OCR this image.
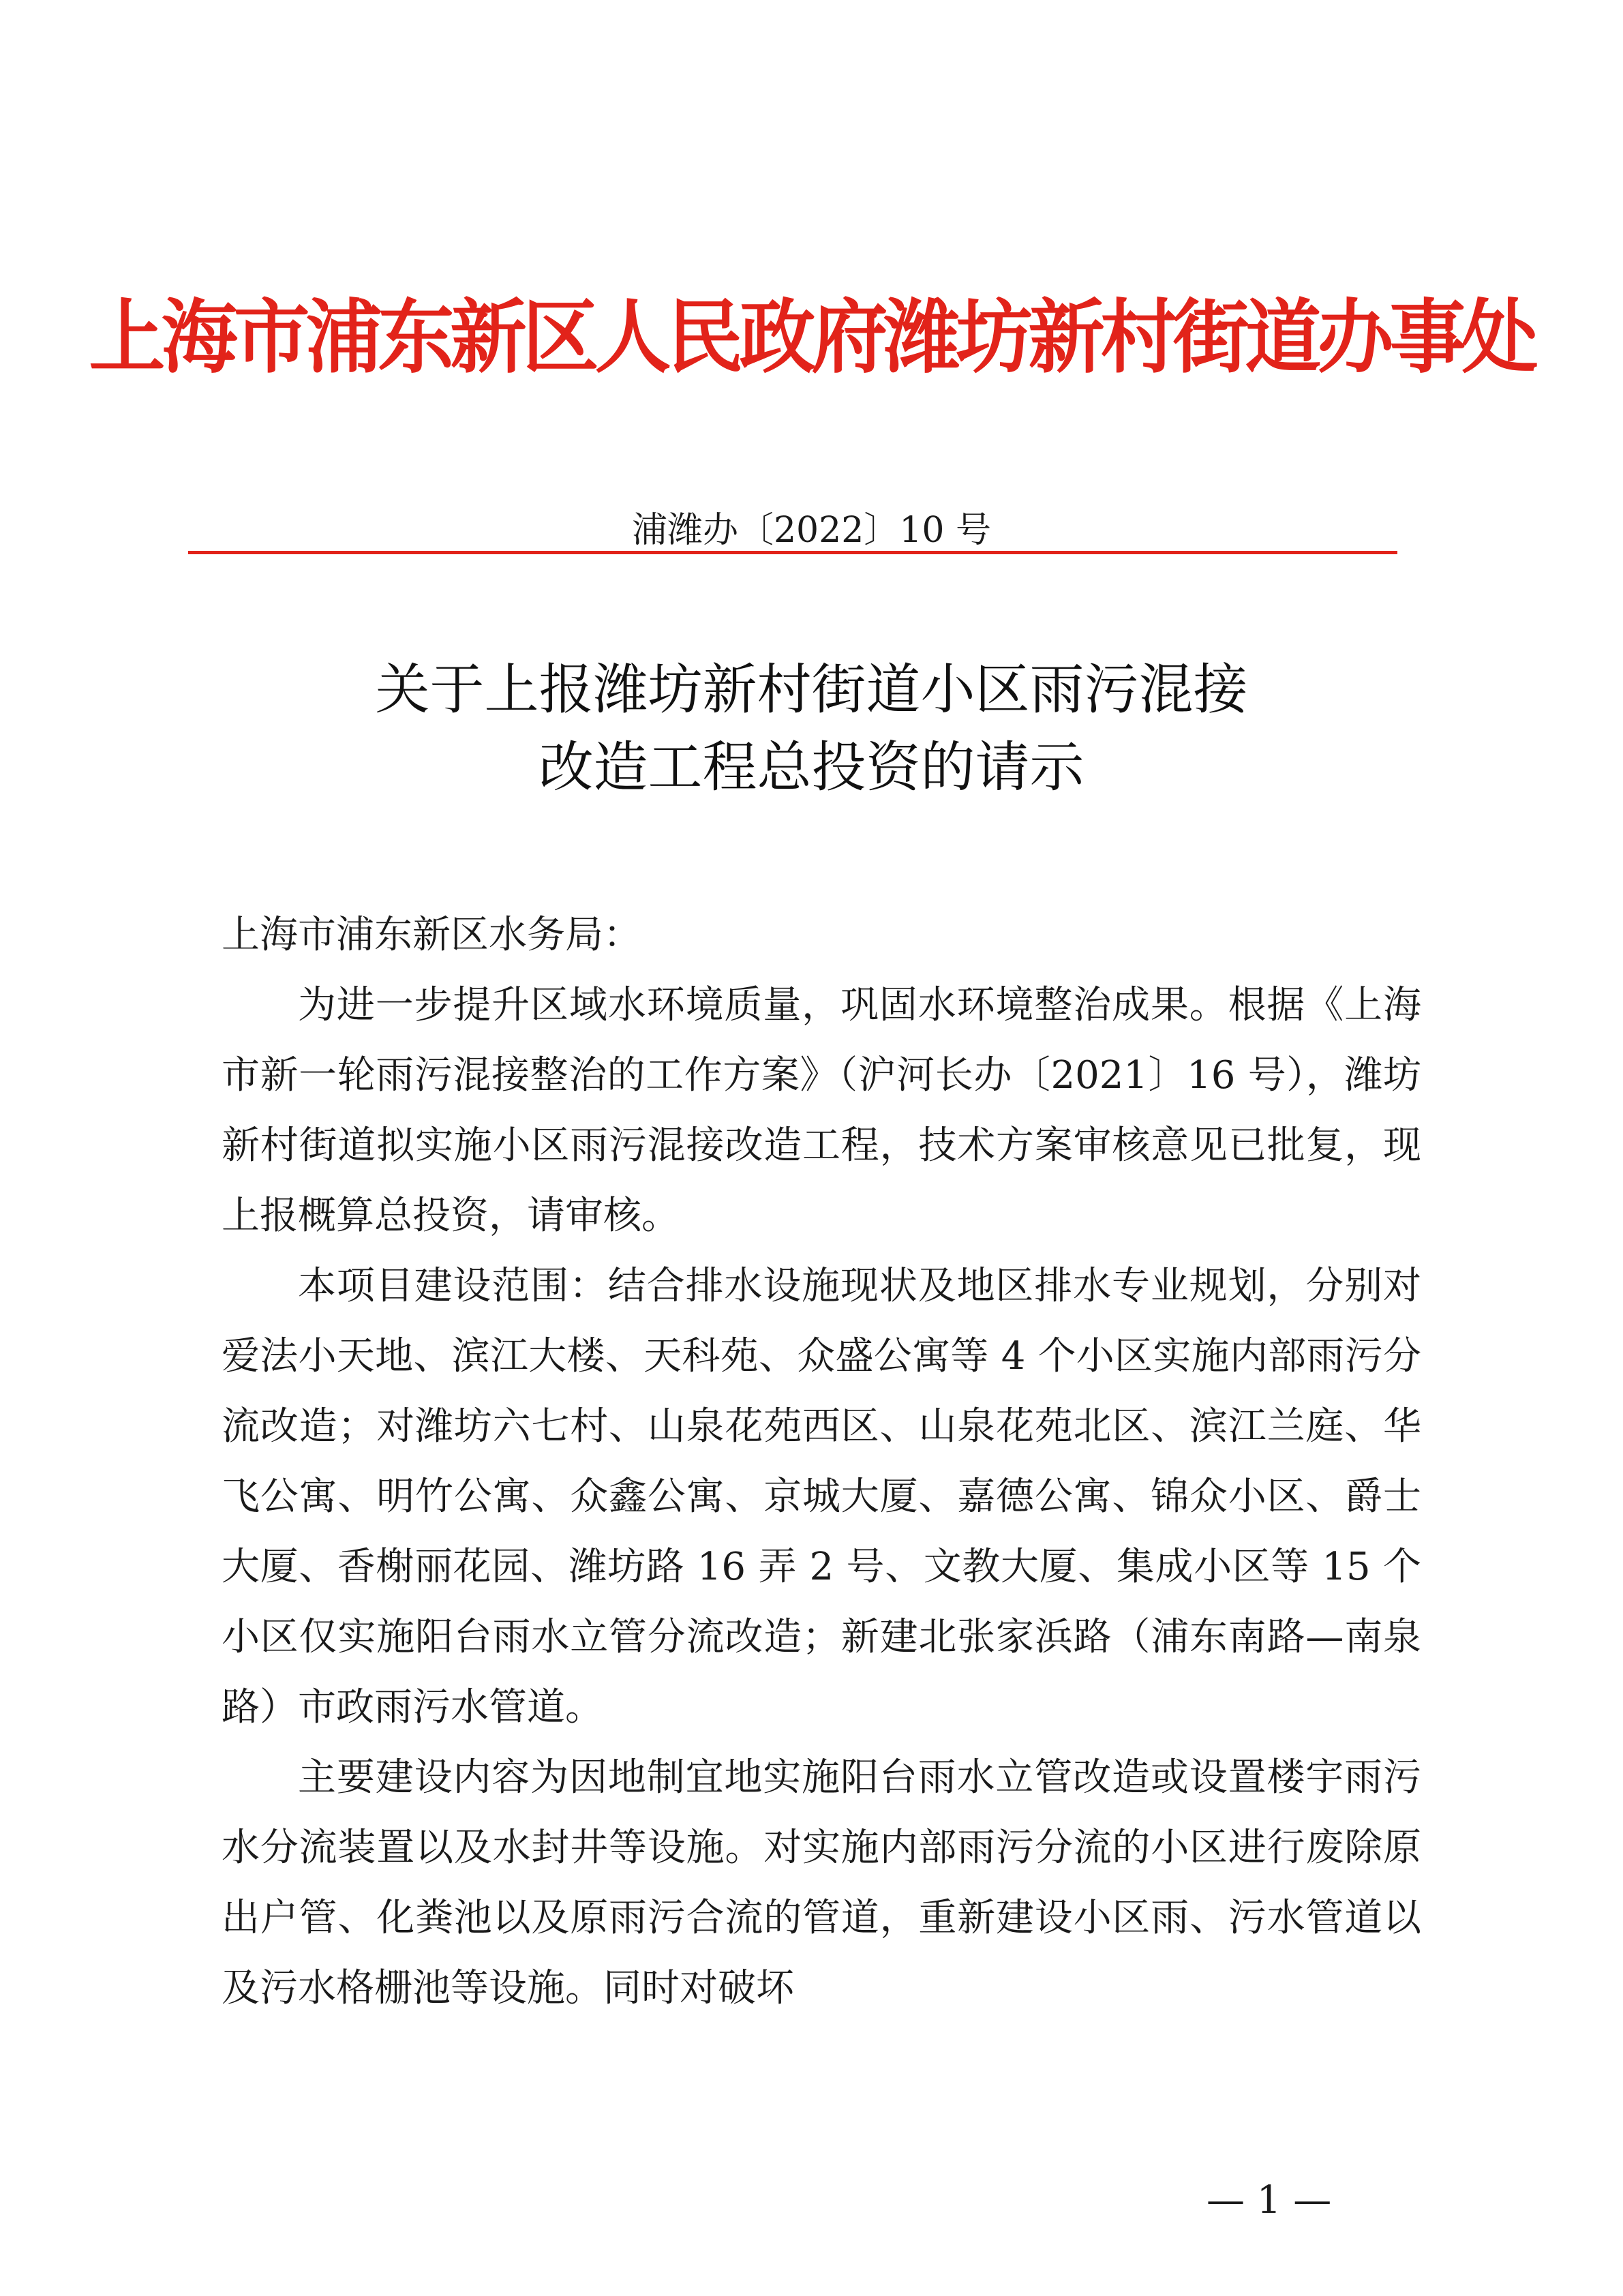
上海市浦东新区人民政府潍坊新村街道办事处
浦潍办〔2022〕10 号
关于上报潍坊新村街道小区雨污混接
改造工程总投资的请示
上海市浦东新区水务局：

为进一步提升区域水环境质量，巩固水环境整治成果。根据《上海市新一轮雨污混接整治的工作方案》（沪河长办〔2021〕16 号），潍坊新村街道拟实施小区雨污混接改造工程，技术方案审核意见已批复，现上报概算总投资，请审核。

本项目建设范围：结合排水设施现状及地区排水专业规划，分别对爱法小天地、滨江大楼、天科苑、众盛公寓等 4 个小区实施内部雨污分流改造；对潍坊六七村、山泉花苑西区、山泉花苑北区、滨江兰庭、华飞公寓、明竹公寓、众鑫公寓、京城大厦、嘉德公寓、锦众小区、爵士大厦、香榭丽花园、潍坊路 16 弄 2 号、文教大厦、集成小区等 15 个小区仅实施阳台雨水立管分流改造；新建北张家浜路（浦东南路—南泉路）市政雨污水管道。

主要建设内容为因地制宜地实施阳台雨水立管改造或设置楼宇雨污水分流装置以及水封井等设施。对实施内部雨污分流的小区进行废除原出户管、化粪池以及原雨污合流的管道，重新建设小区雨、污水管道以及污水格栅池等设施。同时对破坏

— 1 —
